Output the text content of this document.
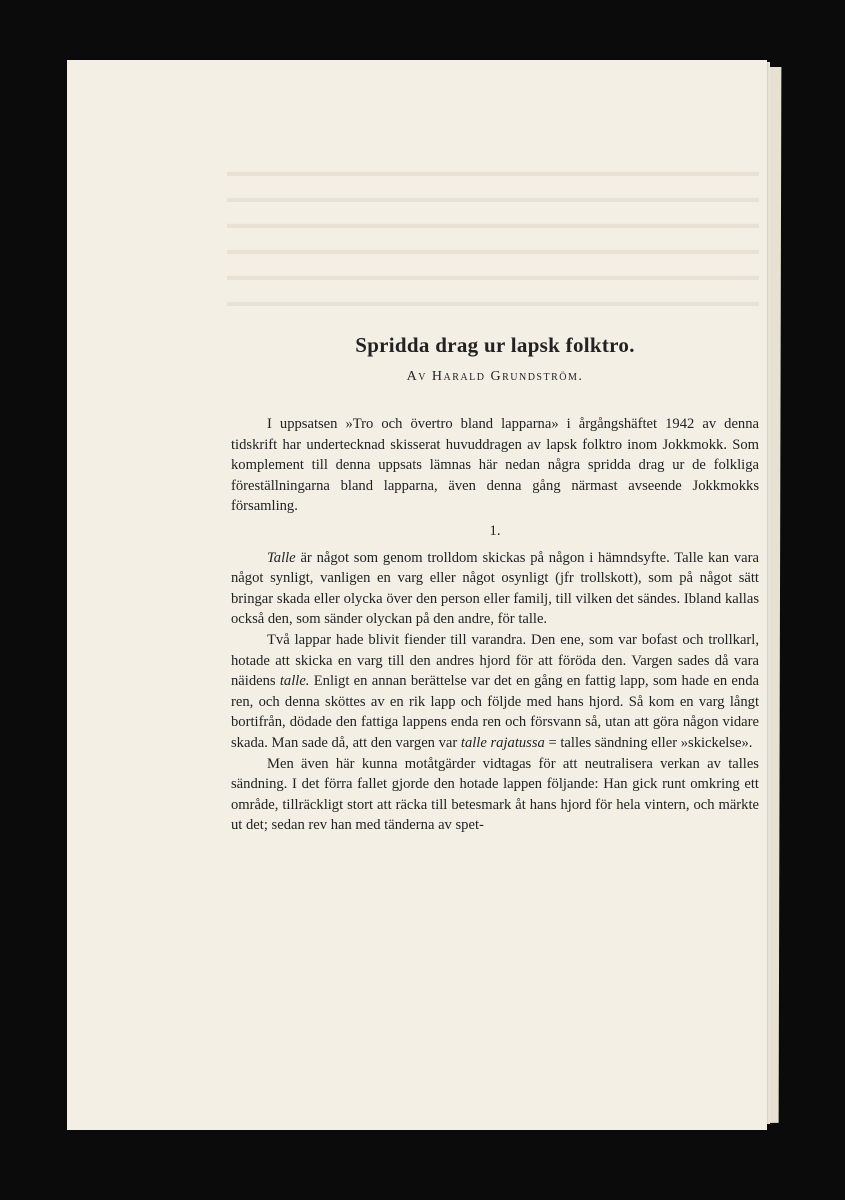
▬▬▬▬▬▬▬▬▬▬▬▬▬▬▬▬▬▬▬▬▬▬▬▬▬▬▬▬▬▬▬▬▬▬▬▬▬▬
▬▬▬▬▬▬▬▬▬▬▬▬▬▬▬▬▬▬▬▬▬▬▬▬▬▬▬▬▬▬▬▬▬▬▬▬▬▬
▬▬▬▬▬▬▬▬▬▬▬▬▬▬▬▬▬▬▬▬▬▬▬▬▬▬▬▬▬▬▬▬▬▬▬▬▬▬
▬▬▬▬▬▬▬▬▬▬▬▬▬▬▬▬▬▬▬▬▬▬▬▬▬▬▬▬▬▬▬▬▬▬▬▬▬▬
▬▬▬▬▬▬▬▬▬▬▬▬▬▬▬▬▬▬▬▬▬▬▬▬▬▬▬▬▬▬▬▬▬▬▬▬▬▬
▬▬▬▬▬▬▬▬▬▬▬▬▬▬▬▬▬▬▬▬▬▬▬▬▬▬▬▬▬▬▬▬▬▬▬▬▬▬
Spridda drag ur lapsk folktro.
Av Harald Grundström.

I uppsatsen »Tro och övertro bland lapparna» i årgångshäftet 1942 av denna tidskrift har undertecknad skisserat huvuddragen av lapsk folktro inom Jokkmokk. Som komplement till denna uppsats lämnas här nedan några spridda drag ur de folkliga föreställningarna bland lapparna, även denna gång närmast avseende Jokkmokks församling.

1.

Talle är något som genom trolldom skickas på någon i hämndsyfte. Talle kan vara något synligt, vanligen en varg eller något osynligt (jfr trollskott), som på något sätt bringar skada eller olycka över den person eller familj, till vilken det sändes. Ibland kallas också den, som sänder olyckan på den andre, för talle.

Två lappar hade blivit fiender till varandra. Den ene, som var bofast och trollkarl, hotade att skicka en varg till den andres hjord för att föröda den. Vargen sades då vara näidens talle. Enligt en annan berättelse var det en gång en fattig lapp, som hade en enda ren, och denna sköttes av en rik lapp och följde med hans hjord. Så kom en varg långt bortifrån, dödade den fattiga lappens enda ren och försvann så, utan att göra någon vidare skada. Man sade då, att den vargen var talle rajatussa = talles sändning eller »skickelse».

Men även här kunna motåtgärder vidtagas för att neutralisera verkan av talles sändning. I det förra fallet gjorde den hotade lappen följande: Han gick runt omkring ett område, tillräckligt stort att räcka till betesmark åt hans hjord för hela vintern, och märkte ut det; sedan rev han med tänderna av spet-
